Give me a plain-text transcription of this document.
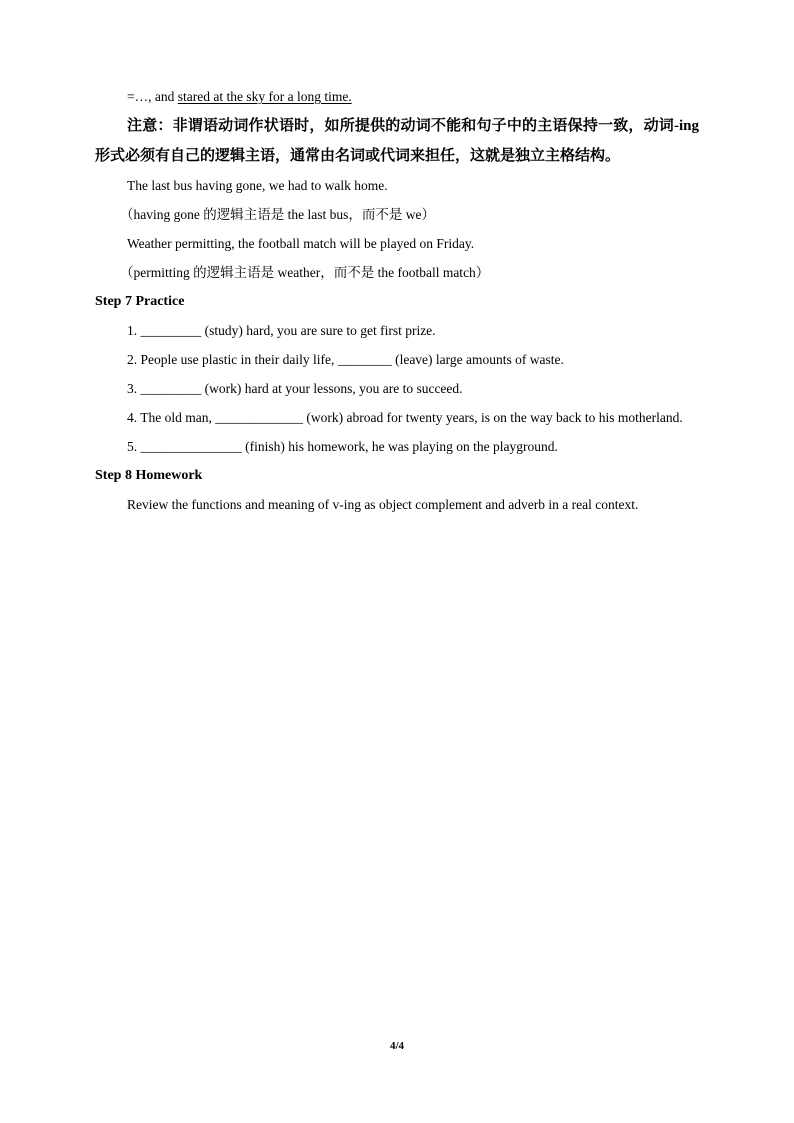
=…, and stared at the sky for a long time.
注意：非谓语动词作状语时，如所提供的动词不能和句子中的主语保持一致，动词-ing形式必须有自己的逻辑主语，通常由名词或代词来担任，这就是独立主格结构。
The last bus having gone, we had to walk home.
（having gone 的逻辑主语是 the last bus，而不是 we）
Weather permitting, the football match will be played on Friday.
（permitting 的逻辑主语是 weather，而不是 the football match）
Step 7 Practice
1. _________ (study) hard, you are sure to get first prize.
2. People use plastic in their daily life, ________ (leave) large amounts of waste.
3. _________ (work) hard at your lessons, you are to succeed.
4. The old man, _____________ (work) abroad for twenty years, is on the way back to his motherland.
5. _______________ (finish) his homework, he was playing on the playground.
Step 8 Homework
Review the functions and meaning of v-ing as object complement and adverb in a real context.
4/4
